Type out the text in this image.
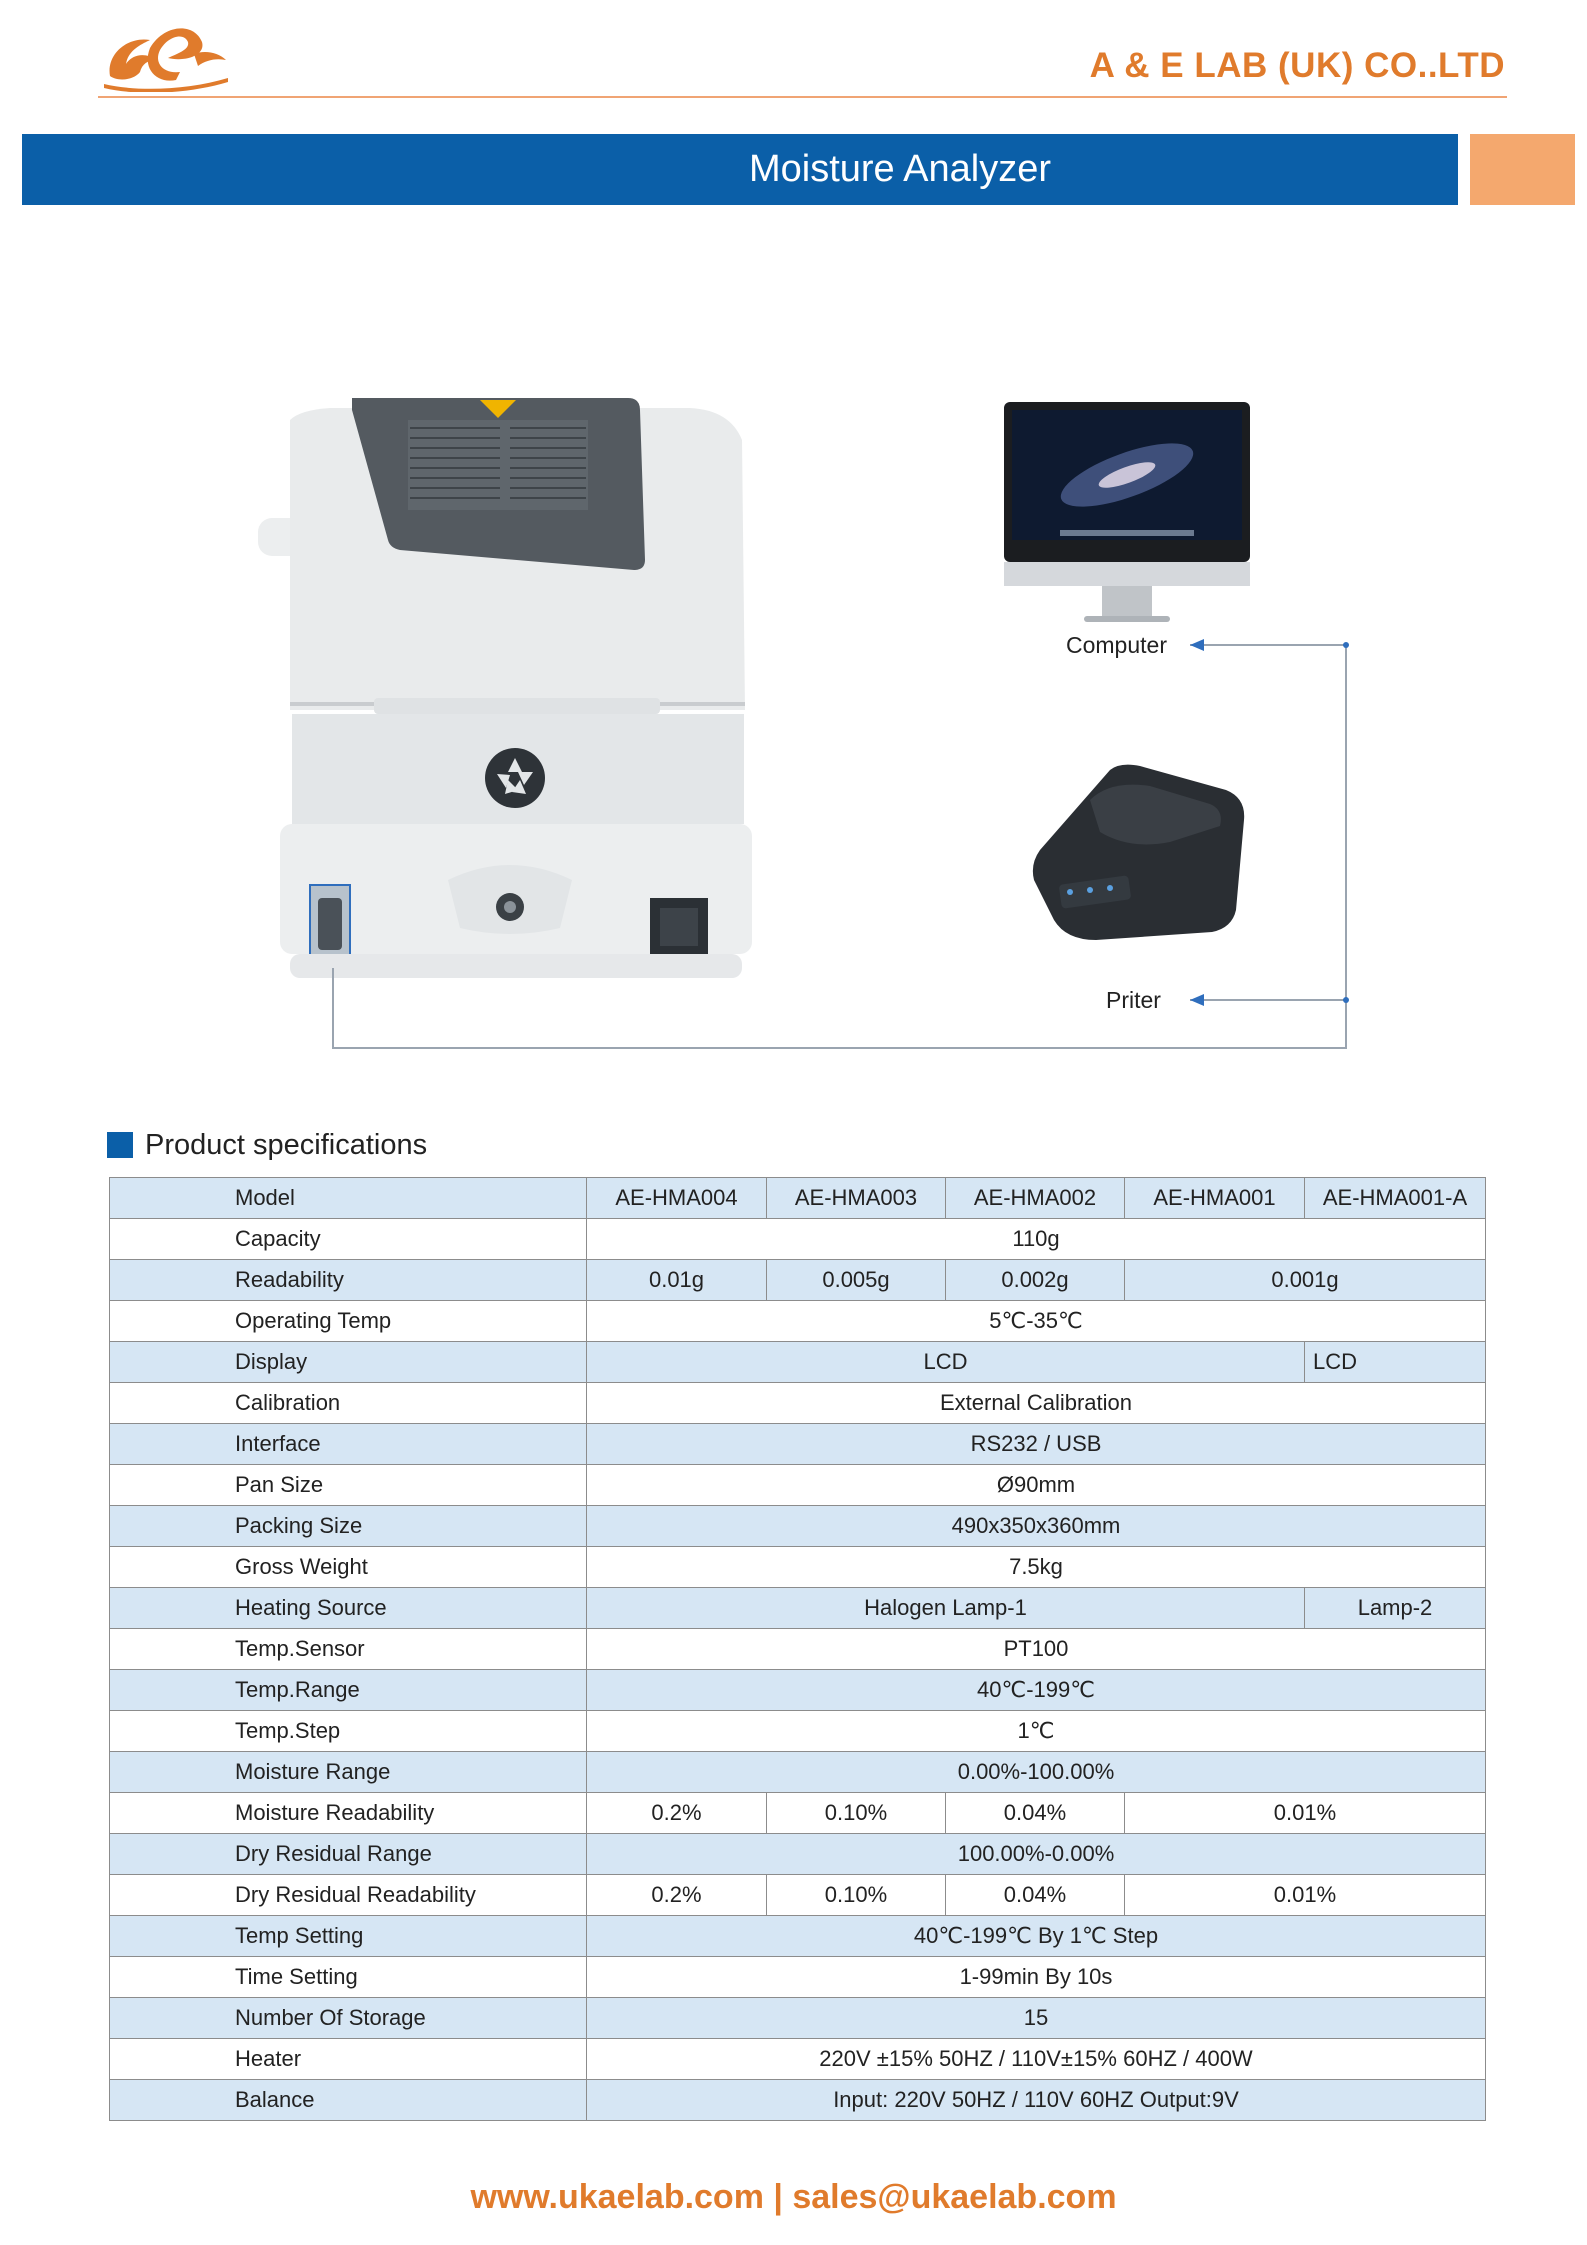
A & E LAB (UK) CO..LTD
Moisture Analyzer
Computer
Priter
Product specifications
Model	AE-HMA004	AE-HMA003	AE-HMA002	AE-HMA001	AE-HMA001-A
Capacity	110g				
Readability	0.01g	0.005g	0.002g	0.001g	
Operating Temp	5℃-35℃				
Display	LCD				LCD
Calibration	External Calibration				
Interface	RS232 / USB				
Pan Size	Ø90mm				
Packing Size	490x350x360mm				
Gross Weight	7.5kg				
Heating Source	Halogen Lamp-1				Lamp-2
Temp.Sensor	PT100				
Temp.Range	40℃-199℃				
Temp.Step	1℃				
Moisture Range	0.00%-100.00%				
Moisture Readability	0.2%	0.10%	0.04%	0.01%	
Dry Residual Range	100.00%-0.00%				
Dry Residual Readability	0.2%	0.10%	0.04%	0.01%	
Temp Setting	40℃-199℃ By 1℃ Step				
Time Setting	1-99min By 10s				
Number Of Storage	15				
Heater	220V ±15% 50HZ / 110V±15% 60HZ / 400W				
Balance	Input: 220V 50HZ / 110V 60HZ Output:9V				
www.ukaelab.com | sales@ukaelab.com
